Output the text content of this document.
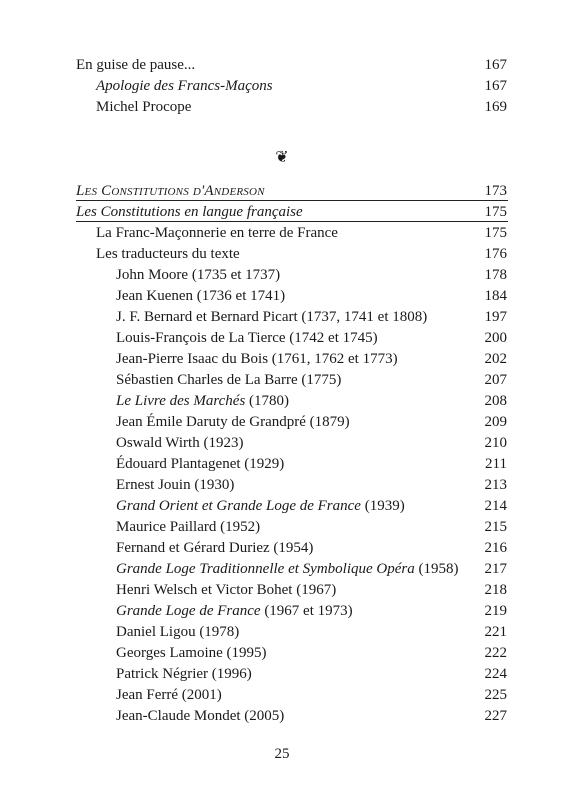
En guise de pause...	167
Apologie des Francs-Maçons	167
Michel Procope	169
❦
Les Constitutions d'Anderson	173
Les Constitutions en langue française	175
La Franc-Maçonnerie en terre de France	175
Les traducteurs du texte	176
John Moore (1735 et 1737)	178
Jean Kuenen (1736 et 1741)	184
J. F. Bernard et Bernard Picart (1737, 1741 et 1808)	197
Louis-François de La Tierce (1742 et 1745)	200
Jean-Pierre Isaac du Bois (1761, 1762 et 1773)	202
Sébastien Charles de La Barre (1775)	207
Le Livre des Marchés (1780)	208
Jean Émile Daruty de Grandpré (1879)	209
Oswald Wirth (1923)	210
Édouard Plantagenet (1929)	211
Ernest Jouin (1930)	213
Grand Orient et Grande Loge de France (1939)	214
Maurice Paillard (1952)	215
Fernand et Gérard Duriez (1954)	216
Grande Loge Traditionnelle et Symbolique Opéra (1958) 217
Henri Welsch et Victor Bohet (1967)	218
Grande Loge de France (1967 et 1973)	219
Daniel Ligou (1978)	221
Georges Lamoine (1995)	222
Patrick Négrier (1996)	224
Jean Ferré (2001)	225
Jean-Claude Mondet (2005)	227
25
